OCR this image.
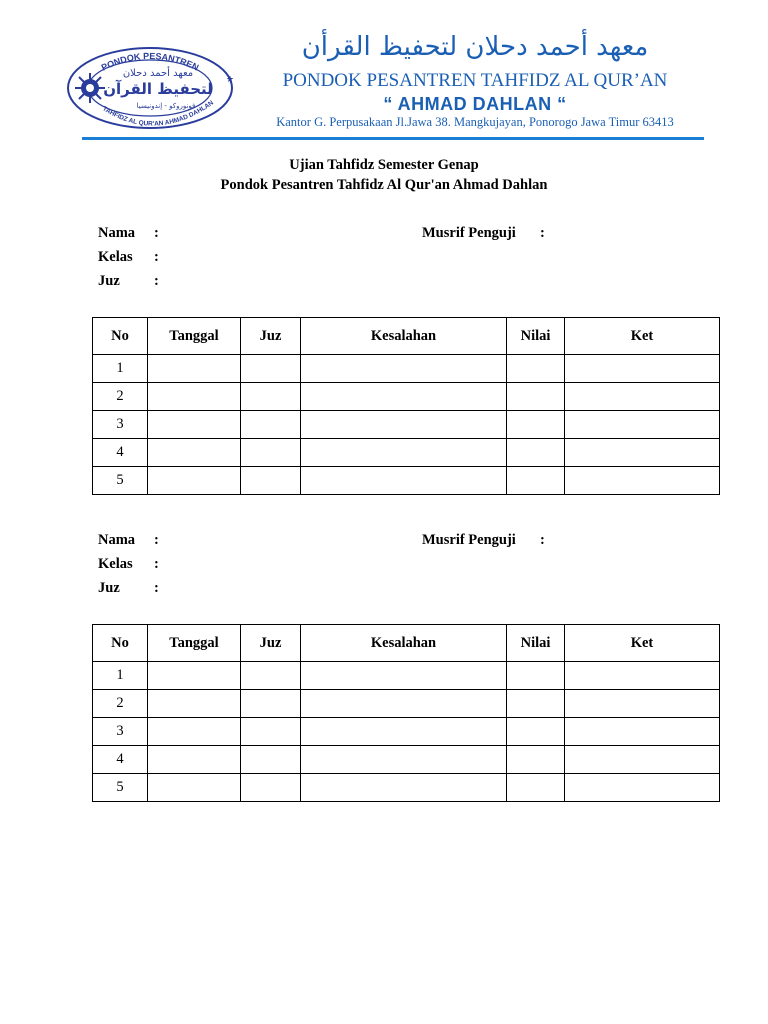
PONDOK PESANTREN
TAHFIDZ AL QUR'AN AHMAD DAHLAN
معهد أحمد دحلان
لتحفيظ القرآن
فونوروكو - إندونيسيا
★
معهد أحمد دحلان لتحفيظ القرأن
PONDOK PESANTREN TAHFIDZ AL QUR’AN
“ AHMAD DAHLAN “
Kantor G. Perpusakaan Jl.Jawa 38. Mangkujayan, Ponorogo Jawa Timur 63413
Ujian Tahfidz Semester Genap
Pondok Pesantren Tahfidz Al Qur'an Ahmad Dahlan
Nama :
Kelas :
Juz :
Musrif Penguji :
No	Tanggal	Juz	Kesalahan	Nilai	Ket
1					
2					
3					
4					
5					
Nama :
Kelas :
Juz :
Musrif Penguji :
No	Tanggal	Juz	Kesalahan	Nilai	Ket
1					
2					
3					
4					
5					
